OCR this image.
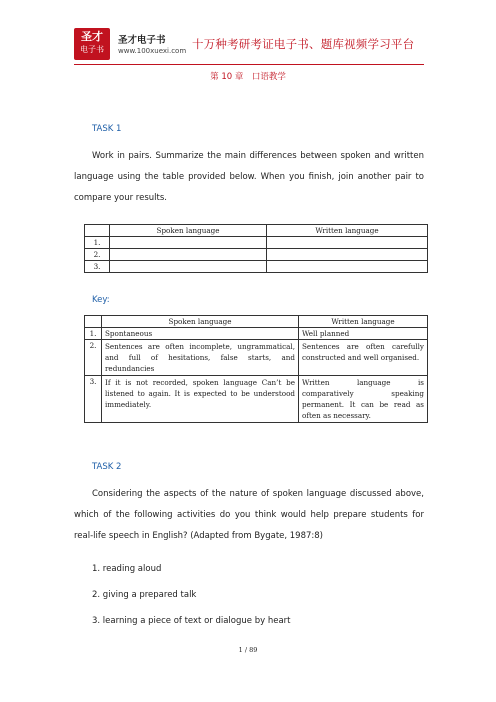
圣才
电子书
圣才电子书
www.100xuexi.com 十万种考研考证电子书、题库视频学习平台
第 10 章　口语教学
TASK 1
Work in pairs. Summarize the main differences between spoken and written language using the table provided below. When you finish, join another pair to compare your results.
	Spoken language	Written language
1.		
2.		
3.		
Key:
	Spoken language	Written language
1.	Spontaneous	Well planned
2.	Sentences are often incomplete, ungrammatical, and full of hesitations, false starts, and redundancies	Sentences are often carefully constructed and well organised.
3.	If it is not recorded, spoken language Can’t be listened to again. It is expected to be understood immediately.	Written language is comparatively speaking permanent. It can be read as often as necessary.
TASK 2
Considering the aspects of the nature of spoken language discussed above, which of the following activities do you think would help prepare students for real-life speech in English? (Adapted from Bygate, 1987:8)
1. reading aloud
2. giving a prepared talk
3. learning a piece of text or dialogue by heart
1 / 89
